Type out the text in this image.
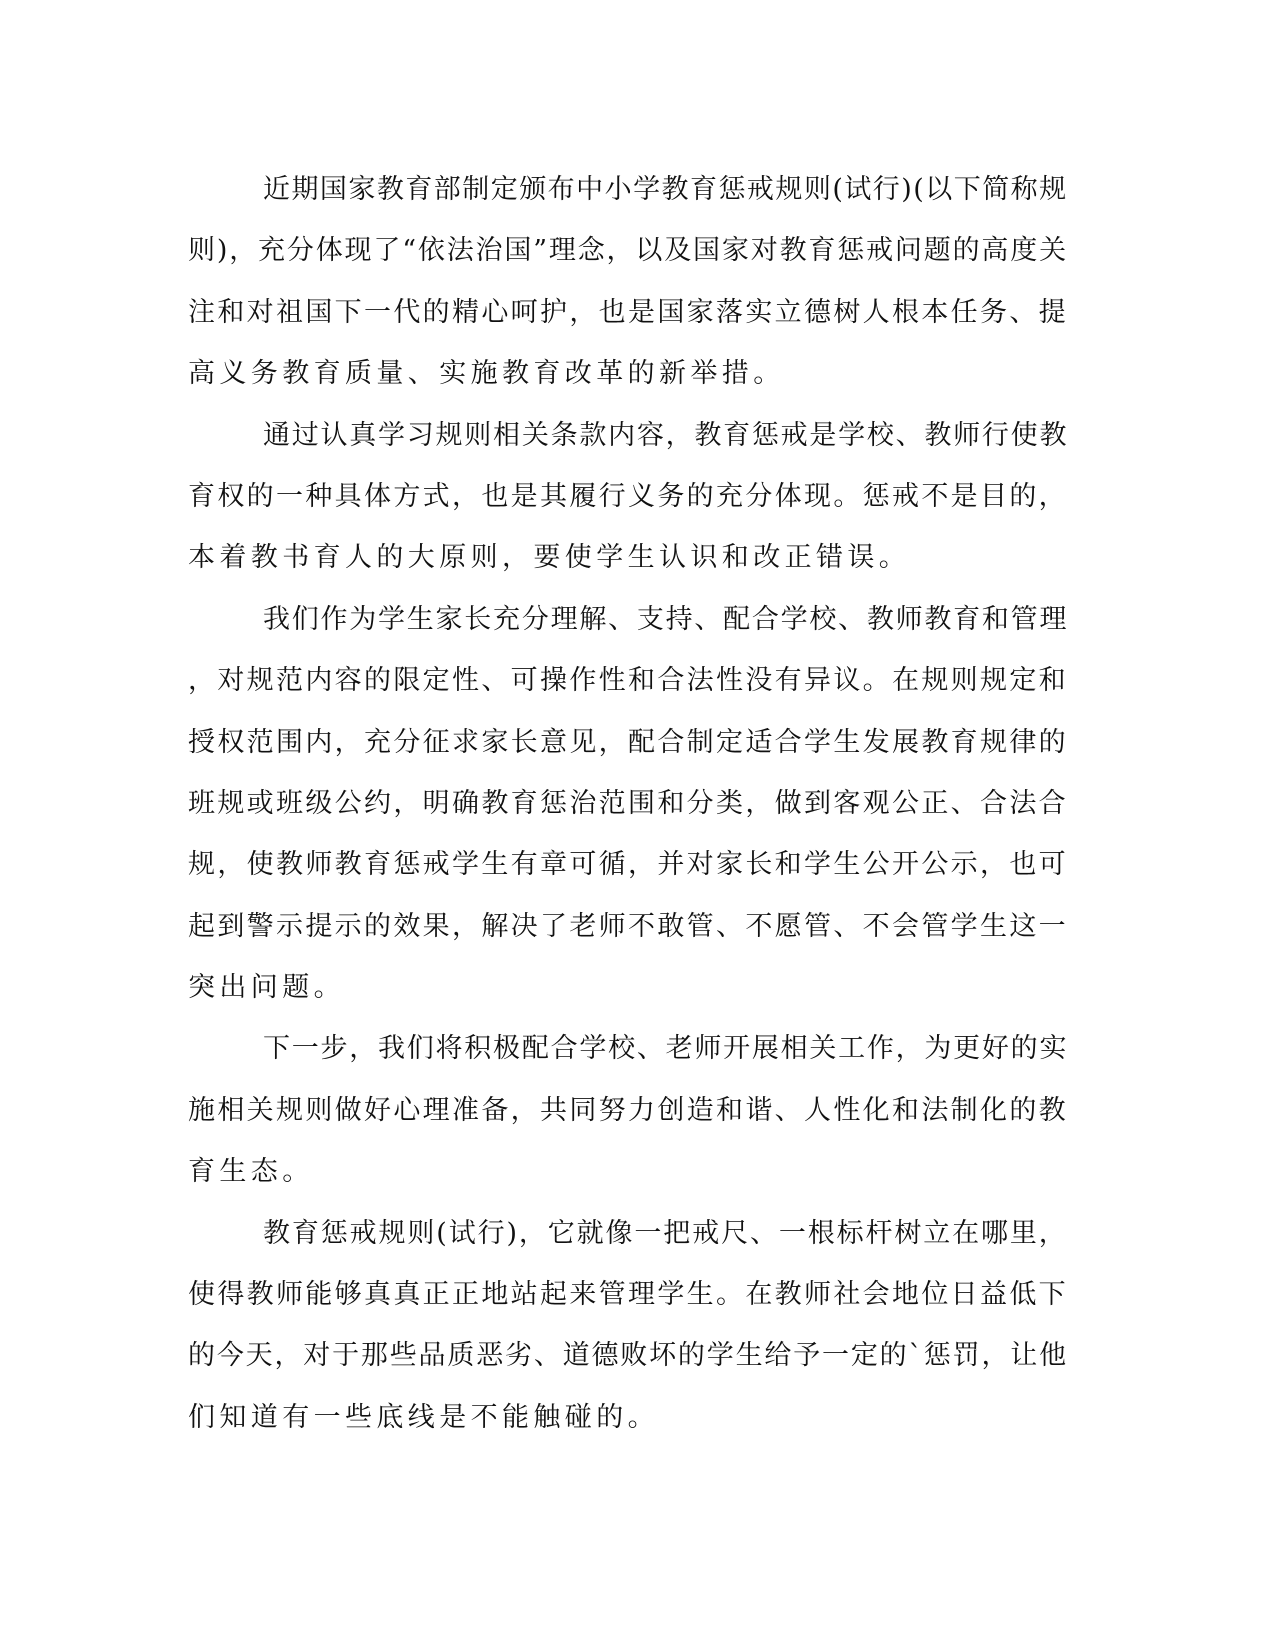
近期国家教育部制定颁布中小学教育惩戒规则(试行)(以下简称规
则)，充分体现了“依法治国”理念，以及国家对教育惩戒问题的高度关
注和对祖国下一代的精心呵护，也是国家落实立德树人根本任务、提
高义务教育质量、实施教育改革的新举措。
通过认真学习规则相关条款内容，教育惩戒是学校、教师行使教
育权的一种具体方式，也是其履行义务的充分体现。惩戒不是目的，
本着教书育人的大原则，要使学生认识和改正错误。
我们作为学生家长充分理解、支持、配合学校、教师教育和管理
，对规范内容的限定性、可操作性和合法性没有异议。在规则规定和
授权范围内，充分征求家长意见，配合制定适合学生发展教育规律的
班规或班级公约，明确教育惩治范围和分类，做到客观公正、合法合
规，使教师教育惩戒学生有章可循，并对家长和学生公开公示，也可
起到警示提示的效果，解决了老师不敢管、不愿管、不会管学生这一
突出问题。
下一步，我们将积极配合学校、老师开展相关工作，为更好的实
施相关规则做好心理准备，共同努力创造和谐、人性化和法制化的教
育生态。
教育惩戒规则(试行)，它就像一把戒尺、一根标杆树立在哪里，
使得教师能够真真正正地站起来管理学生。在教师社会地位日益低下
的今天，对于那些品质恶劣、道德败坏的学生给予一定的`惩罚，让他
们知道有一些底线是不能触碰的。
